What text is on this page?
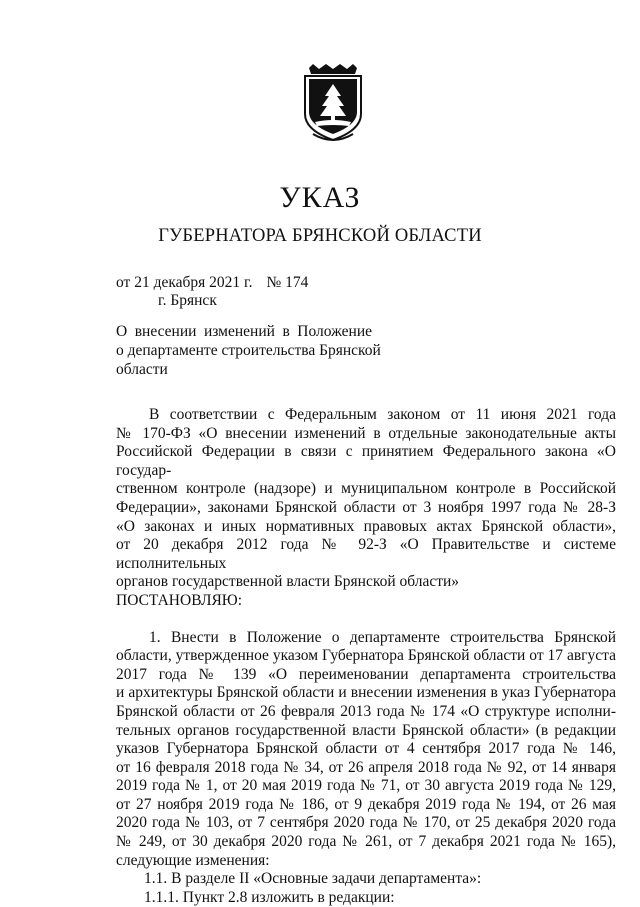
УКАЗ
ГУБЕРНАТОРА БРЯНСКОЙ ОБЛАСТИ
от 21 декабря 2021 г. № 174
г. Брянск
О внесении изменений в Положение
о департаменте строительства Брянской
области
В соответствии с Федеральным законом от 11 июня 2021 года
№ 170-ФЗ «О внесении изменений в отдельные законодательные акты
Российской Федерации в связи с принятием Федерального закона «О государ-
ственном контроле (надзоре) и муниципальном контроле в Российской
Федерации», законами Брянской области от 3 ноября 1997 года № 28-З
«О законах и иных нормативных правовых актах Брянской области»,
от 20 декабря 2012 года № 92-З «О Правительстве и системе исполнительных
органов государственной власти Брянской области»
ПОСТАНОВЛЯЮ:
1. Внести в Положение о департаменте строительства Брянской
области, утвержденное указом Губернатора Брянской области от 17 августа
2017 года № 139 «О переименовании департамента строительства
и архитектуры Брянской области и внесении изменения в указ Губернатора
Брянской области от 26 февраля 2013 года № 174 «О структуре исполни-
тельных органов государственной власти Брянской области» (в редакции
указов Губернатора Брянской области от 4 сентября 2017 года № 146,
от 16 февраля 2018 года № 34, от 26 апреля 2018 года № 92, от 14 января
2019 года № 1, от 20 мая 2019 года № 71, от 30 августа 2019 года № 129,
от 27 ноября 2019 года № 186, от 9 декабря 2019 года № 194, от 26 мая
2020 года № 103, от 7 сентября 2020 года № 170, от 25 декабря 2020 года
№ 249, от 30 декабря 2020 года № 261, от 7 декабря 2021 года № 165),
следующие изменения:
1.1. В разделе II «Основные задачи департамента»:
1.1.1. Пункт 2.8 изложить в редакции:
